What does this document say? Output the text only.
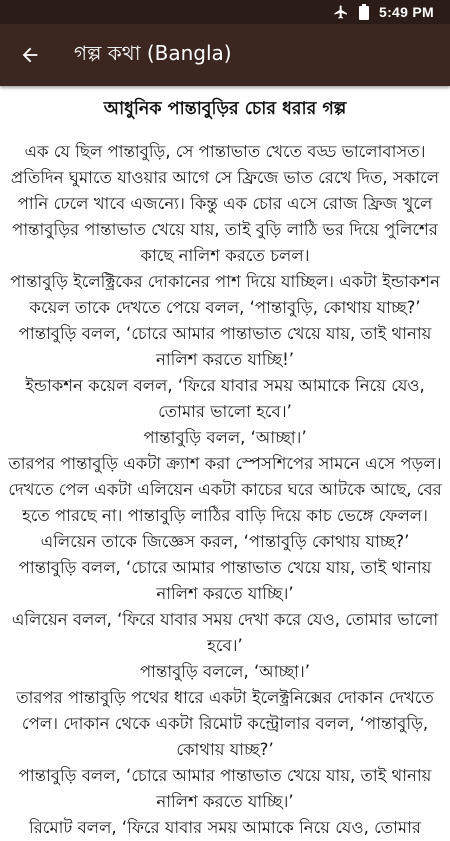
5:49 PM
গল্প কথা (Bangla)
আধুনিক পান্তাবুড়ির চোর ধরার গল্প

এক যে ছিল পান্তাবুড়ি, সে পান্তাভাত খেতে বড্ড ভালোবাসত। প্রতিদিন ঘুমাতে যাওয়ার আগে সে ফ্রিজে ভাত রেখে দিত, সকালে পানি ঢেলে খাবে এজন্যে। কিন্তু এক চোর এসে রোজ ফ্রিজ খুলে পান্তাবুড়ির পান্তাভাত খেয়ে যায়, তাই বুড়ি লাঠি ভর দিয়ে পুলিশের কাছে নালিশ করতে চলল।

পান্তাবুড়ি ইলেক্ট্রিকের দোকানের পাশ দিয়ে যাচ্ছিল। একটা ইন্ডাকশন কয়েল তাকে দেখতে পেয়ে বলল, ‘পান্তাবুড়ি, কোথায় যাচ্ছ?’

পান্তাবুড়ি বলল, ‘চোরে আমার পান্তাভাত খেয়ে যায়, তাই থানায় নালিশ করতে যাচ্ছি!’

ইন্ডাকশন কয়েল বলল, ‘ফিরে যাবার সময় আমাকে নিয়ে যেও, তোমার ভালো হবে।’

পান্তাবুড়ি বলল, ‘আচ্ছা।’

তারপর পান্তাবুড়ি একটা ক্র্যাশ করা স্পেসশিপের সামনে এসে পড়ল। দেখতে পেল একটা এলিয়েন একটা কাচের ঘরে আটকে আছে, বের হতে পারছে না। পান্তাবুড়ি লাঠির বাড়ি দিয়ে কাচ ভেঙ্গে ফেলল। এলিয়েন তাকে জিজ্ঞেস করল, ‘পান্তাবুড়ি কোথায় যাচ্ছ?’

পান্তাবুড়ি বলল, ‘চোরে আমার পান্তাভাত খেয়ে যায়, তাই থানায় নালিশ করতে যাচ্ছি।’

এলিয়েন বলল, ‘ফিরে যাবার সময় দেখা করে যেও, তোমার ভালো হবে।’

পান্তাবুড়ি বললে, ‘আচ্ছা।’

তারপর পান্তাবুড়ি পথের ধারে একটা ইলেক্ট্রনিক্সের দোকান দেখতে পেল। দোকান থেকে একটা রিমোট কন্ট্রোলার বলল, ‘পান্তাবুড়ি, কোথায় যাচ্ছ?’

পান্তাবুড়ি বলল, ‘চোরে আমার পান্তাভাত খেয়ে যায়, তাই থানায় নালিশ করতে যাচ্ছি।’

রিমোট বলল, ‘ফিরে যাবার সময় আমাকে নিয়ে যেও, তোমার
